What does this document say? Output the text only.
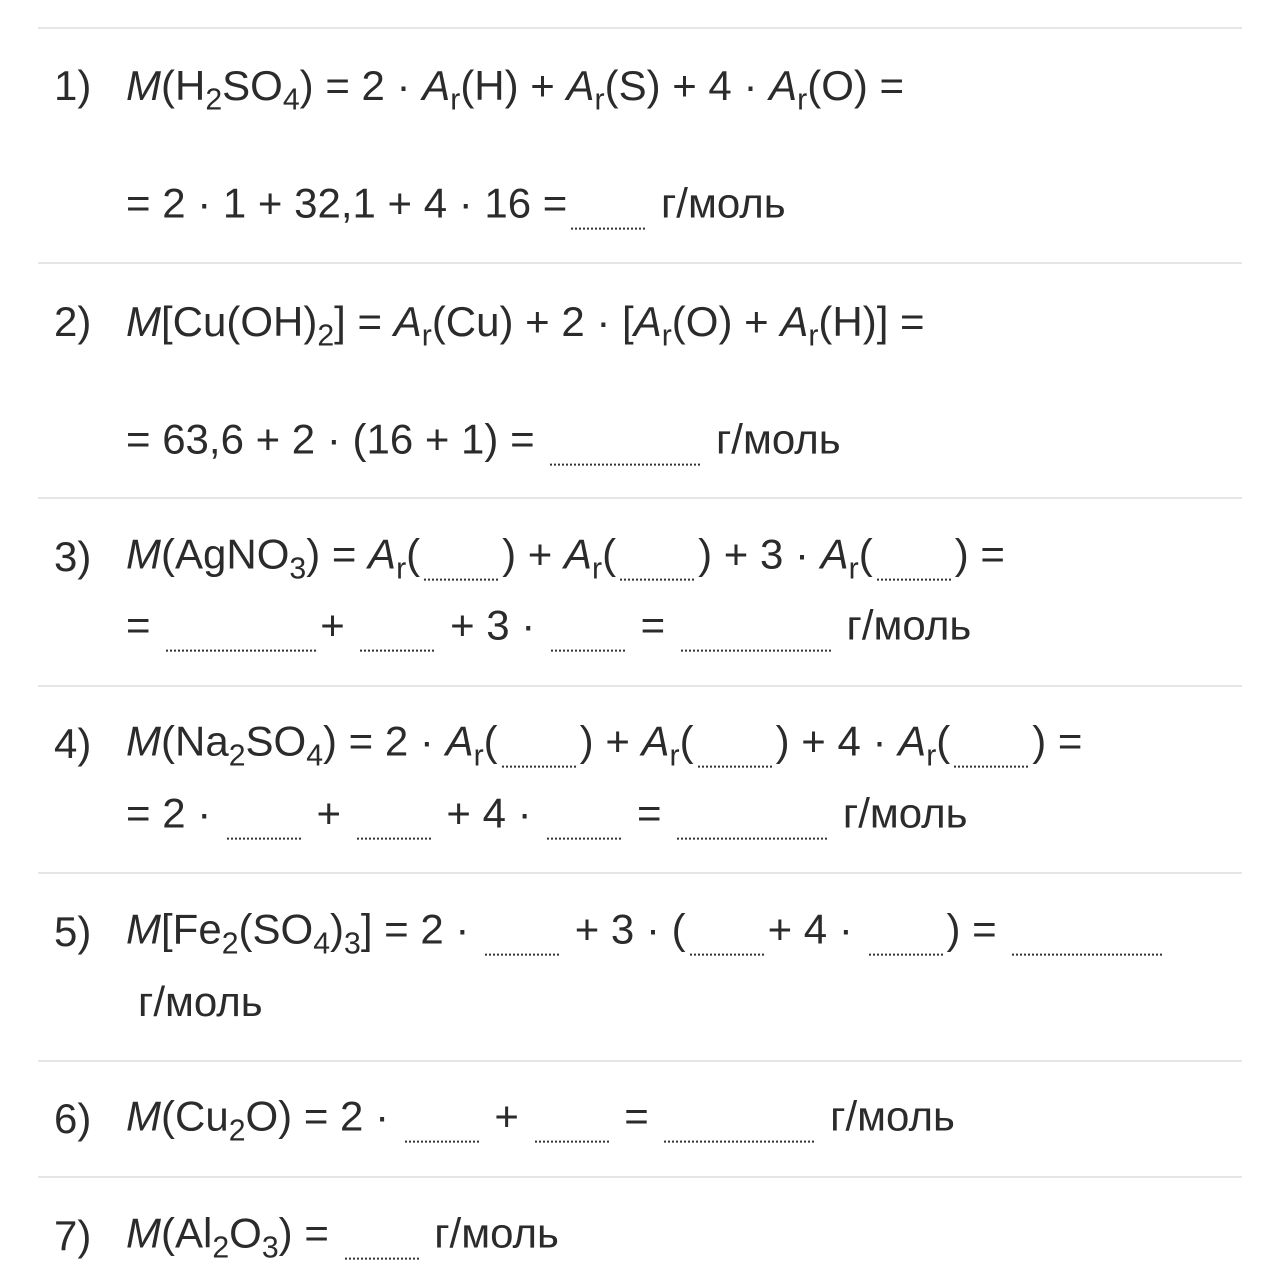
1) $M(H_2SO_4) = 2 \cdot A_r(H) + A_r(S) + 4 \cdot A_r(O)$ =
= 2 · 1 + 32,1 + 4 · 16 = г/моль
2) $M[Cu(OH)_2] = A_r(Cu) + 2 \cdot [A_r(O) + A_r(H)]$ =
= 63,6 + 2 · (16 + 1) =	г/моль
3) M(AgNO$_3$) = $A_r$( ) + $A_r$( ) + $3 \cdot A_r$( ) =
=	+  + 3 ·  =	г/моль
4) $M(Na_2SO_4) = 2 \cdot A_r$( ) + $A_r$( ) + $4 \cdot A_r$( ) =
= 2 ·  +  + 4 ·  =	г/моль
5) $M[Fe_2(SO_4)_3] = 2$ ·  + 3 · ( + 4 · ) =
г/моль
6) $M(Cu_2O) = 2$ ·  +  =	г/моль
7) $M(Al_2O_3)$ =  г/моль
